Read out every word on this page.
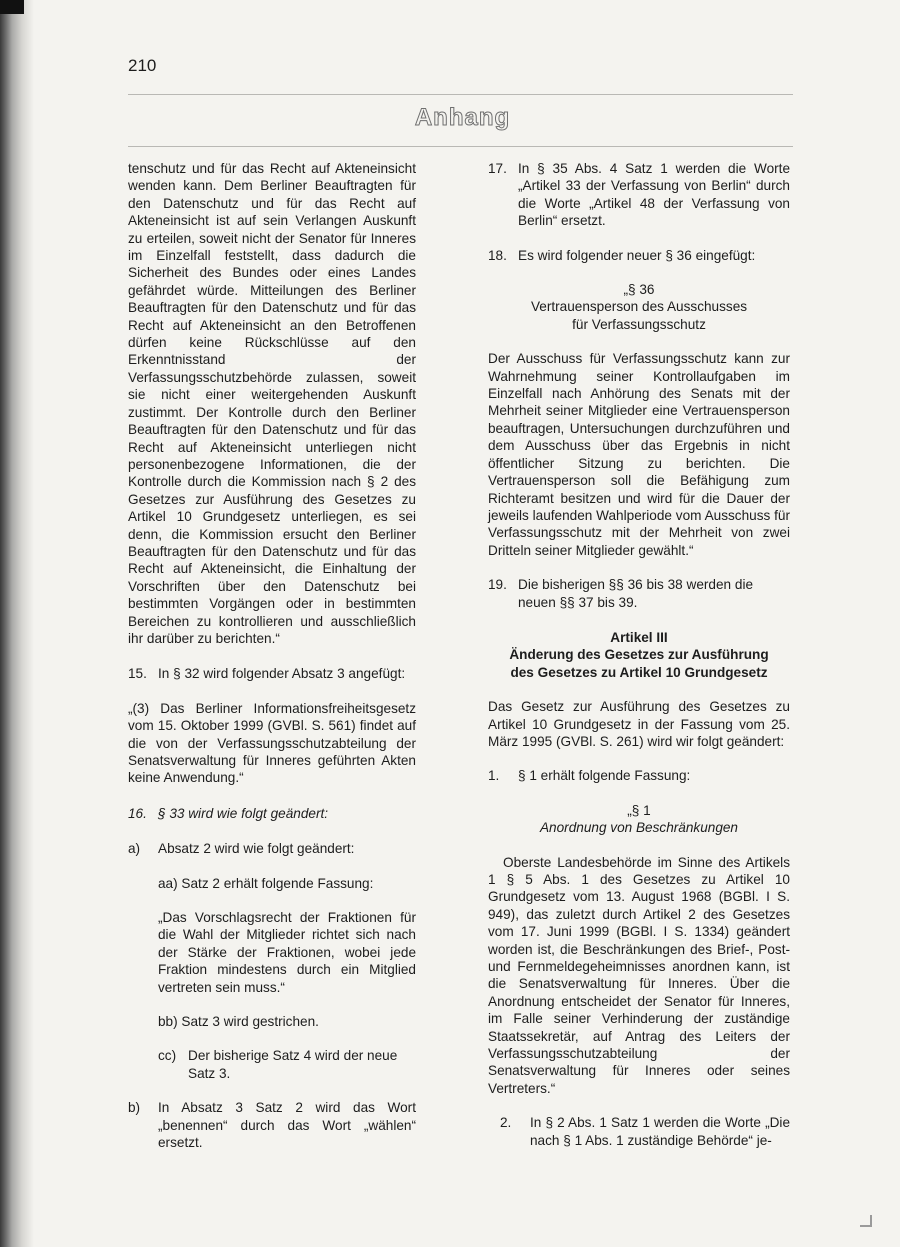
210
Anhang

tenschutz und für das Recht auf Akteneinsicht wenden kann. Dem Berliner Beauftragten für den Datenschutz und für das Recht auf Akteneinsicht ist auf sein Verlangen Auskunft zu erteilen, soweit nicht der Senator für Inneres im Einzelfall feststellt, dass dadurch die Sicherheit des Bundes oder eines Landes gefährdet würde. Mitteilungen des Berliner Beauftragten für den Datenschutz und für das Recht auf Akteneinsicht an den Betroffenen dürfen keine Rückschlüsse auf den Erkenntnisstand der Verfassungsschutzbehörde zulassen, soweit sie nicht einer weitergehenden Auskunft zustimmt. Der Kontrolle durch den Berliner Beauftragten für den Datenschutz und für das Recht auf Akteneinsicht unterliegen nicht personenbezogene Informationen, die der Kontrolle durch die Kommission nach § 2 des Gesetzes zur Ausführung des Gesetzes zu Artikel 10 Grundgesetz unterliegen, es sei denn, die Kommission ersucht den Berliner Beauftragten für den Datenschutz und für das Recht auf Akteneinsicht, die Einhaltung der Vorschriften über den Datenschutz bei bestimmten Vorgängen oder in bestimmten Bereichen zu kontrollieren und ausschließlich ihr darüber zu berichten.“

15. In § 32 wird folgender Absatz 3 angefügt:

„(3) Das Berliner Informationsfreiheitsgesetz vom 15. Oktober 1999 (GVBl. S. 561) findet auf die von der Verfassungsschutzabteilung der Senatsverwaltung für Inneres geführten Akten keine Anwendung.“

16. § 33 wird wie folgt geändert:
a)	Absatz 2 wird wie folgt geändert:

aa) Satz 2 erhält folgende Fassung:

„Das Vorschlagsrecht der Fraktionen für die Wahl der Mitglieder richtet sich nach der Stärke der Fraktionen, wobei jede Fraktion mindestens durch ein Mitglied vertreten sein muss.“

bb) Satz 3 wird gestrichen.

cc) Der bisherige Satz 4 wird der neue Satz 3.
b)	In Absatz 3 Satz 2 wird das Wort „benennen“ durch das Wort „wählen“ ersetzt.
17. In § 35 Abs. 4 Satz 1 werden die Worte „Artikel 33 der Verfassung von Berlin“ durch die Worte „Artikel 48 der Verfassung von Berlin“ ersetzt.
18. Es wird folgender neuer § 36 eingefügt:

„§ 36

Vertrauensperson des Ausschusses

für Verfassungsschutz

Der Ausschuss für Verfassungsschutz kann zur Wahrnehmung seiner Kontrollaufgaben im Einzelfall nach Anhörung des Senats mit der Mehrheit seiner Mitglieder eine Vertrauensperson beauftragen, Untersuchungen durchzuführen und dem Ausschuss über das Ergebnis in nicht öffentlicher Sitzung zu berichten. Die Vertrauensperson soll die Befähigung zum Richteramt besitzen und wird für die Dauer der jeweils laufenden Wahlperiode vom Ausschuss für Verfassungsschutz mit der Mehrheit von zwei Dritteln seiner Mitglieder gewählt.“

19. Die bisherigen §§ 36 bis 38 werden die neuen §§ 37 bis 39.

Artikel III

Änderung des Gesetzes zur Ausführung

des Gesetzes zu Artikel 10 Grundgesetz

Das Gesetz zur Ausführung des Gesetzes zu Artikel 10 Grundgesetz in der Fassung vom 25. März 1995 (GVBl. S. 261) wird wir folgt geändert:

1.	§ 1 erhält folgende Fassung:

„§ 1

Anordnung von Beschränkungen

Oberste Landesbehörde im Sinne des Artikels 1 § 5 Abs. 1 des Gesetzes zu Artikel 10 Grundgesetz vom 13. August 1968 (BGBl. I S. 949), das zuletzt durch Artikel 2 des Gesetzes vom 17. Juni 1999 (BGBl. I S. 1334) geändert worden ist, die Beschränkungen des Brief-, Post- und Fernmeldegeheimnisses anordnen kann, ist die Senatsverwaltung für Inneres. Über die Anordnung entscheidet der Senator für Inneres, im Falle seiner Verhinderung der zuständige Staatssekretär, auf Antrag des Leiters der Verfassungsschutzabteilung der Senatsverwaltung für Inneres oder seines Vertreters.“

2.	In § 2 Abs. 1 Satz 1 werden die Worte „Die nach § 1 Abs. 1 zuständige Behörde“ je-
